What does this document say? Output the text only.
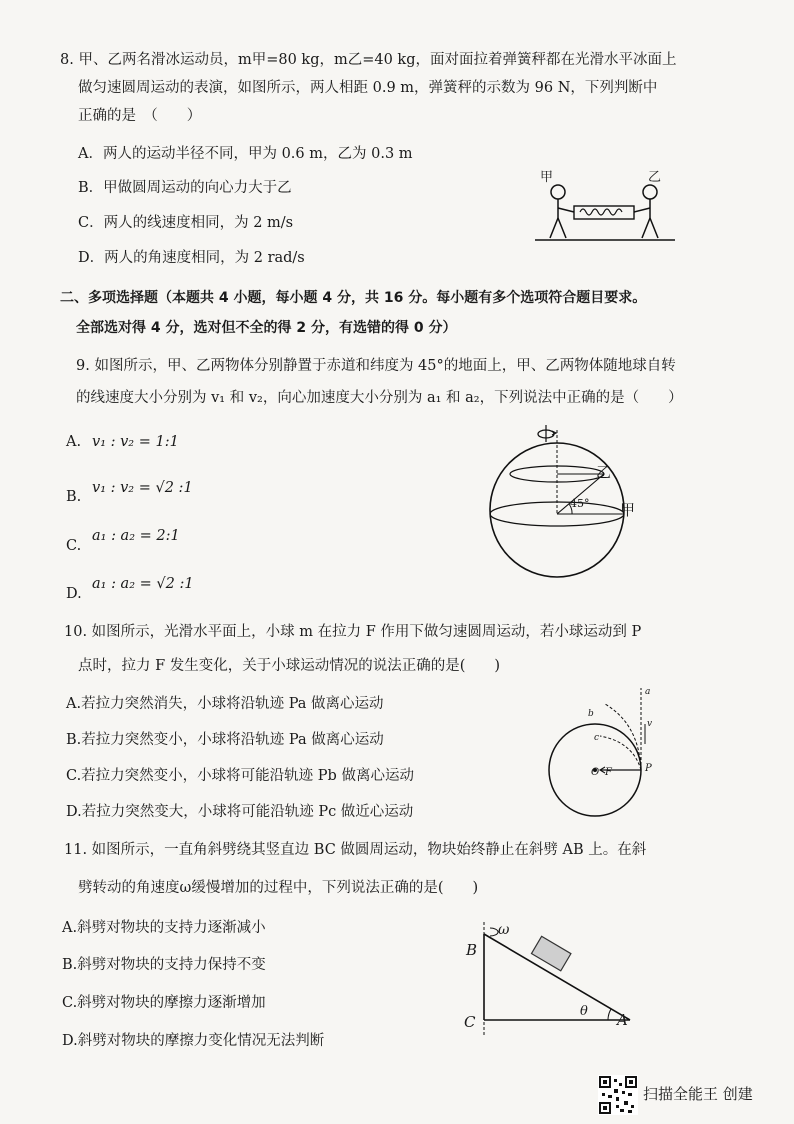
8. 甲、乙两名滑冰运动员，m甲=80 kg，m乙=40 kg，面对面拉着弹簧秤都在光滑水平冰面上
做匀速圆周运动的表演，如图所示，两人相距 0.9 m，弹簧秤的示数为 96 N，下列判断中
正确的是　（　　）
A．两人的运动半径不同，甲为 0.6 m，乙为 0.3 m
B．甲做圆周运动的向心力大于乙
C．两人的线速度相同，为 2 m/s
D．两人的角速度相同，为 2 rad/s
甲	乙
二、多项选择题（本题共 4 小题，每小题 4 分，共 16 分。每小题有多个选项符合题目要求。
全部选对得 4 分，选对但不全的得 2 分，有选错的得 0 分）
9. 如图所示，甲、乙两物体分别静置于赤道和纬度为 45°的地面上，甲、乙两物体随地球自转
的线速度大小分别为 v₁ 和 v₂，向心加速度大小分别为 a₁ 和 a₂，下列说法中正确的是（　　）
A. v₁ : v₂ = 1:1
B.
v₁ : v₂ = √2 :1
C.
a₁ : a₂ = 2:1
D.
a₁ : a₂ = √2 :1
乙
甲
45°
10. 如图所示，光滑水平面上，小球 m 在拉力 F 作用下做匀速圆周运动，若小球运动到 P
点时，拉力 F 发生变化，关于小球运动情况的说法正确的是(　　)
A.若拉力突然消失，小球将沿轨迹 Pa 做离心运动
B.若拉力突然变小，小球将沿轨迹 Pa 做离心运动
C.若拉力突然变小，小球将可能沿轨迹 Pb 做离心运动
D.若拉力突然变大，小球将可能沿轨迹 Pc 做近心运动
a
b
c
v
O F	P
11. 如图所示，一直角斜劈绕其竖直边 BC 做圆周运动，物块始终静止在斜劈 AB 上。在斜
劈转动的角速度ω缓慢增加的过程中，下列说法正确的是(　　)
A.斜劈对物块的支持力逐渐减小
B.斜劈对物块的支持力保持不变
C.斜劈对物块的摩擦力逐渐增加
D.斜劈对物块的摩擦力变化情况无法判断
B
C	A
ω
θ
扫描全能王 创建
